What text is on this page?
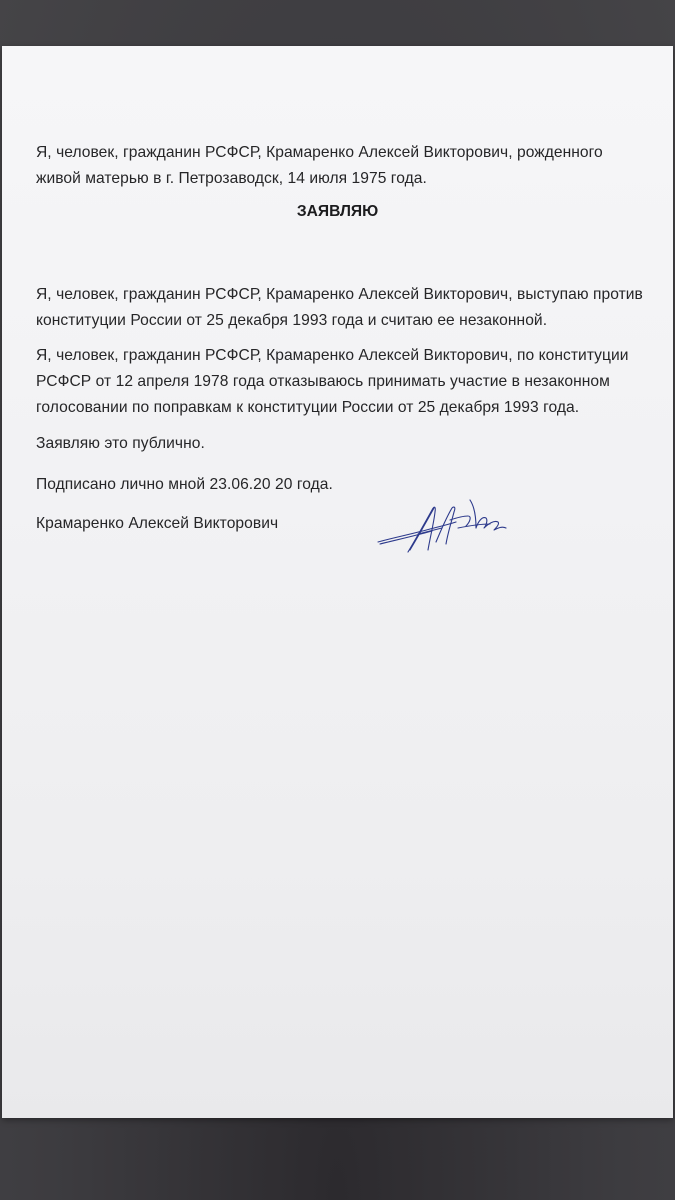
Я, человек, гражданин РСФСР, Крамаренко Алексей Викторович, рожденного живой матерью в г. Петрозаводск, 14 июля 1975 года.
ЗАЯВЛЯЮ
Я, человек, гражданин РСФСР, Крамаренко Алексей Викторович, выступаю против конституции России от 25 декабря 1993 года и считаю ее незаконной.
Я, человек, гражданин РСФСР, Крамаренко Алексей Викторович, по конституции РСФСР от 12 апреля 1978 года отказываюсь принимать участие в незаконном голосовании по поправкам к конституции России от 25 декабря 1993 года.
Заявляю это публично.
Подписано лично мной 23.06.20 20 года.
Крамаренко Алексей Викторович
